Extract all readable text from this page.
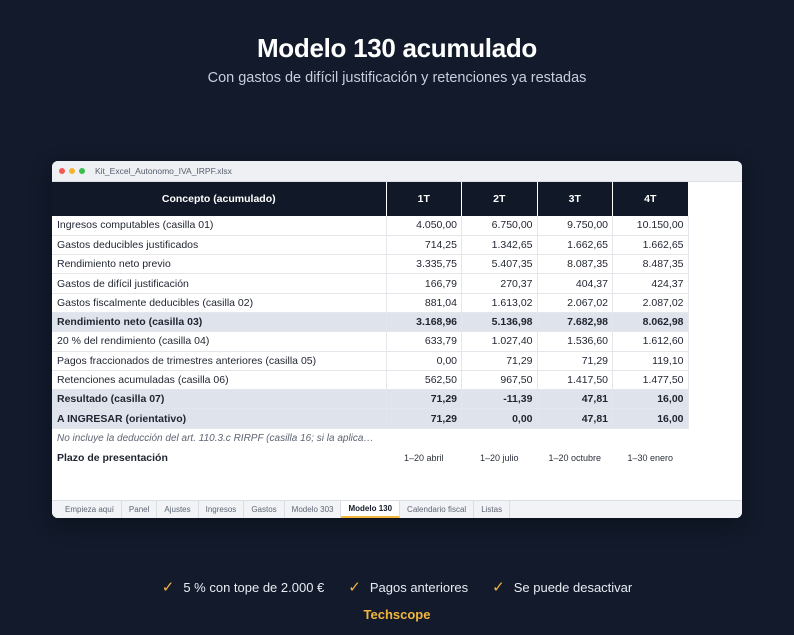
Modelo 130 acumulado
Con gastos de difícil justificación y retenciones ya restadas
Kit_Excel_Autonomo_IVA_IRPF.xlsx
Concepto (acumulado)	1T	2T	3T	4T
Ingresos computables (casilla 01)	4.050,00	6.750,00	9.750,00	10.150,00
Gastos deducibles justificados	714,25	1.342,65	1.662,65	1.662,65
Rendimiento neto previo	3.335,75	5.407,35	8.087,35	8.487,35
Gastos de difícil justificación	166,79	270,37	404,37	424,37
Gastos fiscalmente deducibles (casilla 02)	881,04	1.613,02	2.067,02	2.087,02
Rendimiento neto (casilla 03)	3.168,96	5.136,98	7.682,98	8.062,98
20 % del rendimiento (casilla 04)	633,79	1.027,40	1.536,60	1.612,60
Pagos fraccionados de trimestres anteriores (casilla 05)	0,00	71,29	71,29	119,10
Retenciones acumuladas (casilla 06)	562,50	967,50	1.417,50	1.477,50
Resultado (casilla 07)	71,29	-11,39	47,81	16,00
A INGRESAR (orientativo)	71,29	0,00	47,81	16,00
No incluye la deducción del art. 110.3.c RIRPF (casilla 16; si la aplica…				
Plazo de presentación	1–20 abril	1–20 julio	1–20 octubre	1–30 enero
Empieza aquí	Panel	Ajustes	Ingresos	Gastos	Modelo 303	Modelo 130	Calendario fiscal	Listas
✓ 5 % con tope de 2.000 € ✓ Pagos anteriores ✓ Se puede desactivar
Techscope
